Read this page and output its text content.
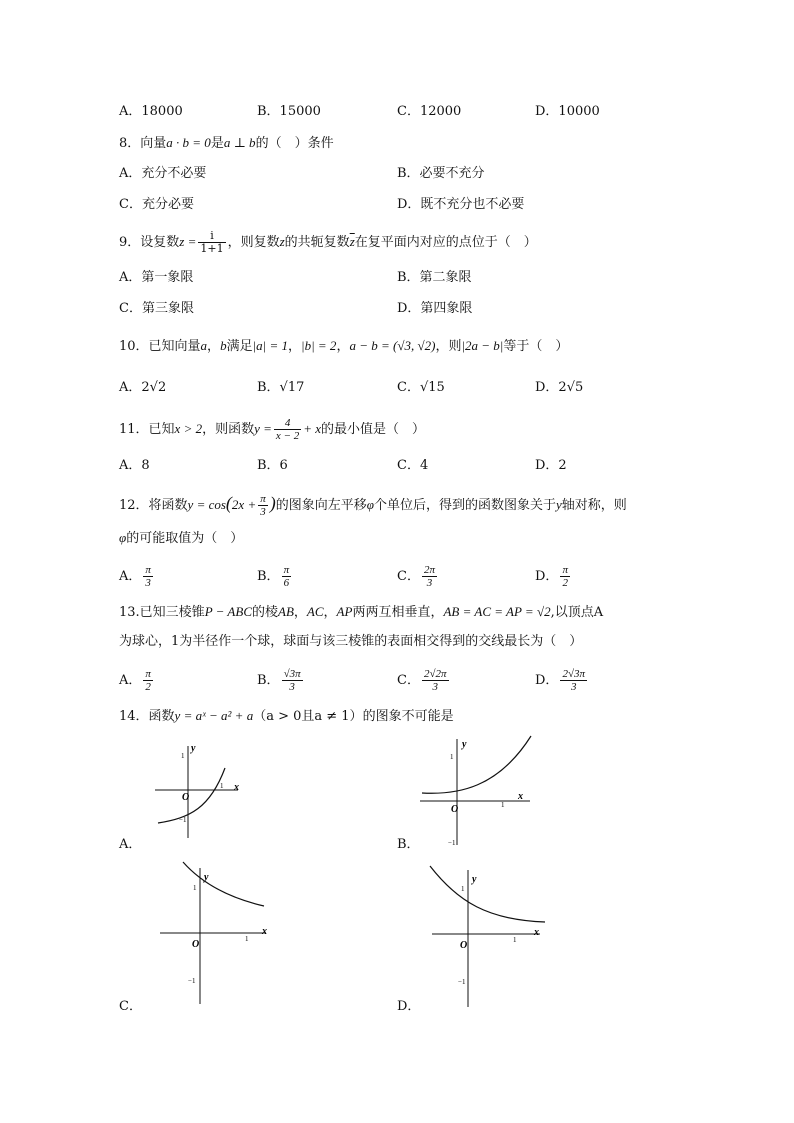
A．18000	B．15000	C．12000	D．10000
8．向量a · b = 0是a ⊥ b的（　）条件
A．充分不必要	B．必要不充分
C．充分必要	D．既不充分也不必要
9．设复数$z = \frac{i}{1+1}$ ，则复数z的共轭复数$\overline{z}$在复平面内对应的点位于（　）
A．第一象限	B．第二象限
C．第三象限	D．第四象限
10．已知向量a，b满足|a| = 1，|b| = 2，a − b = (√3, √2)，则|2a − b|等于（　）
A．2√2	B．√17	C．√15	D．2√5
11．已知x > 2，则函数$y = \frac{4}{x - 2} + x$的最小值是（　）
A．8	B．6	C．4	D．2
12．将函数$y = \cos(2x + \frac{\pi}{3}$ )的图象向左平移φ个单位后，得到的函数图象关于y轴对称，则
φ的可能取值为（　）
A． $\frac{\pi}{3}$	B． $\frac{\pi}{6}$	C． $\frac{2\pi}{3}$	D． $\frac{\pi}{2}$
13.已知三棱锥P − ABC的棱AB，AC，AP两两互相垂直，AB = AC = AP = √2,以顶点A
为球心，1为半径作一个球，球面与该三棱锥的表面相交得到的交线最长为（　）
A． $\frac{\pi}{2}$	B． $\frac{√3\pi}{3}$	C． $\frac{2√2\pi}{3}$	D． $\frac{2√3\pi}{3}$
14．函数y = aˣ − a² + a（a > 0且a ≠ 1）的图象不可能是
y
x
O
1
−1
1
A．
y
x
O
1
−1
1
B．
y
x
O
1
−1
1
C．
y
x
O
1
−1
1
D．
